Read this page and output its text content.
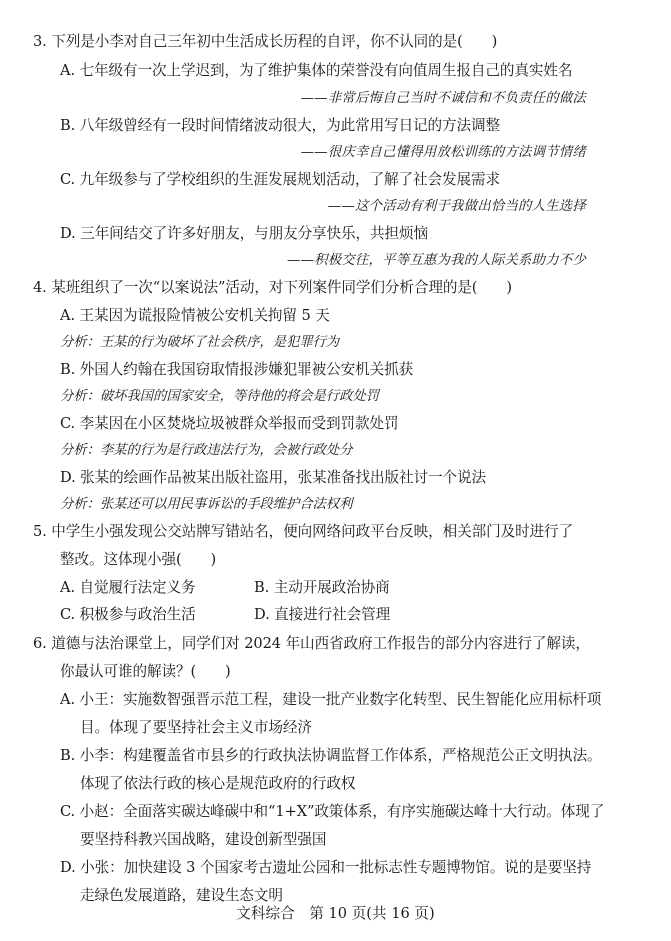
3. 下列是小李对自己三年初中生活成长历程的自评，你不认同的是(　　)
A. 七年级有一次上学迟到，为了维护集体的荣誉没有向值周生报自己的真实姓名
——非常后悔自己当时不诚信和不负责任的做法
B. 八年级曾经有一段时间情绪波动很大，为此常用写日记的方法调整
——很庆幸自己懂得用放松训练的方法调节情绪
C. 九年级参与了学校组织的生涯发展规划活动，了解了社会发展需求
——这个活动有利于我做出恰当的人生选择
D. 三年间结交了许多好朋友，与朋友分享快乐，共担烦恼
——积极交往，平等互惠为我的人际关系助力不少
4. 某班组织了一次“以案说法”活动，对下列案件同学们分析合理的是(　　)
A. 王某因为谎报险情被公安机关拘留 5 天
分析：王某的行为破坏了社会秩序，是犯罪行为
B. 外国人约翰在我国窃取情报涉嫌犯罪被公安机关抓获
分析：破坏我国的国家安全，等待他的将会是行政处罚
C. 李某因在小区焚烧垃圾被群众举报而受到罚款处罚
分析：李某的行为是行政违法行为，会被行政处分
D. 张某的绘画作品被某出版社盗用，张某准备找出版社讨一个说法
分析：张某还可以用民事诉讼的手段维护合法权利
5. 中学生小强发现公交站牌写错站名，便向网络问政平台反映，相关部门及时进行了
整改。这体现小强(　　)
A. 自觉履行法定义务	B. 主动开展政治协商
C. 积极参与政治生活	D. 直接进行社会管理
6. 道德与法治课堂上，同学们对 2024 年山西省政府工作报告的部分内容进行了解读，
你最认可谁的解读？(　　)
A. 小王：实施数智强晋示范工程，建设一批产业数字化转型、民生智能化应用标杆项
目。体现了要坚持社会主义市场经济
B. 小李：构建覆盖省市县乡的行政执法协调监督工作体系，严格规范公正文明执法。
体现了依法行政的核心是规范政府的行政权
C. 小赵：全面落实碳达峰碳中和“1+X”政策体系，有序实施碳达峰十大行动。体现了
要坚持科教兴国战略，建设创新型强国
D. 小张：加快建设 3 个国家考古遗址公园和一批标志性专题博物馆。说的是要坚持
走绿色发展道路，建设生态文明
文科综合　第 10 页(共 16 页)
